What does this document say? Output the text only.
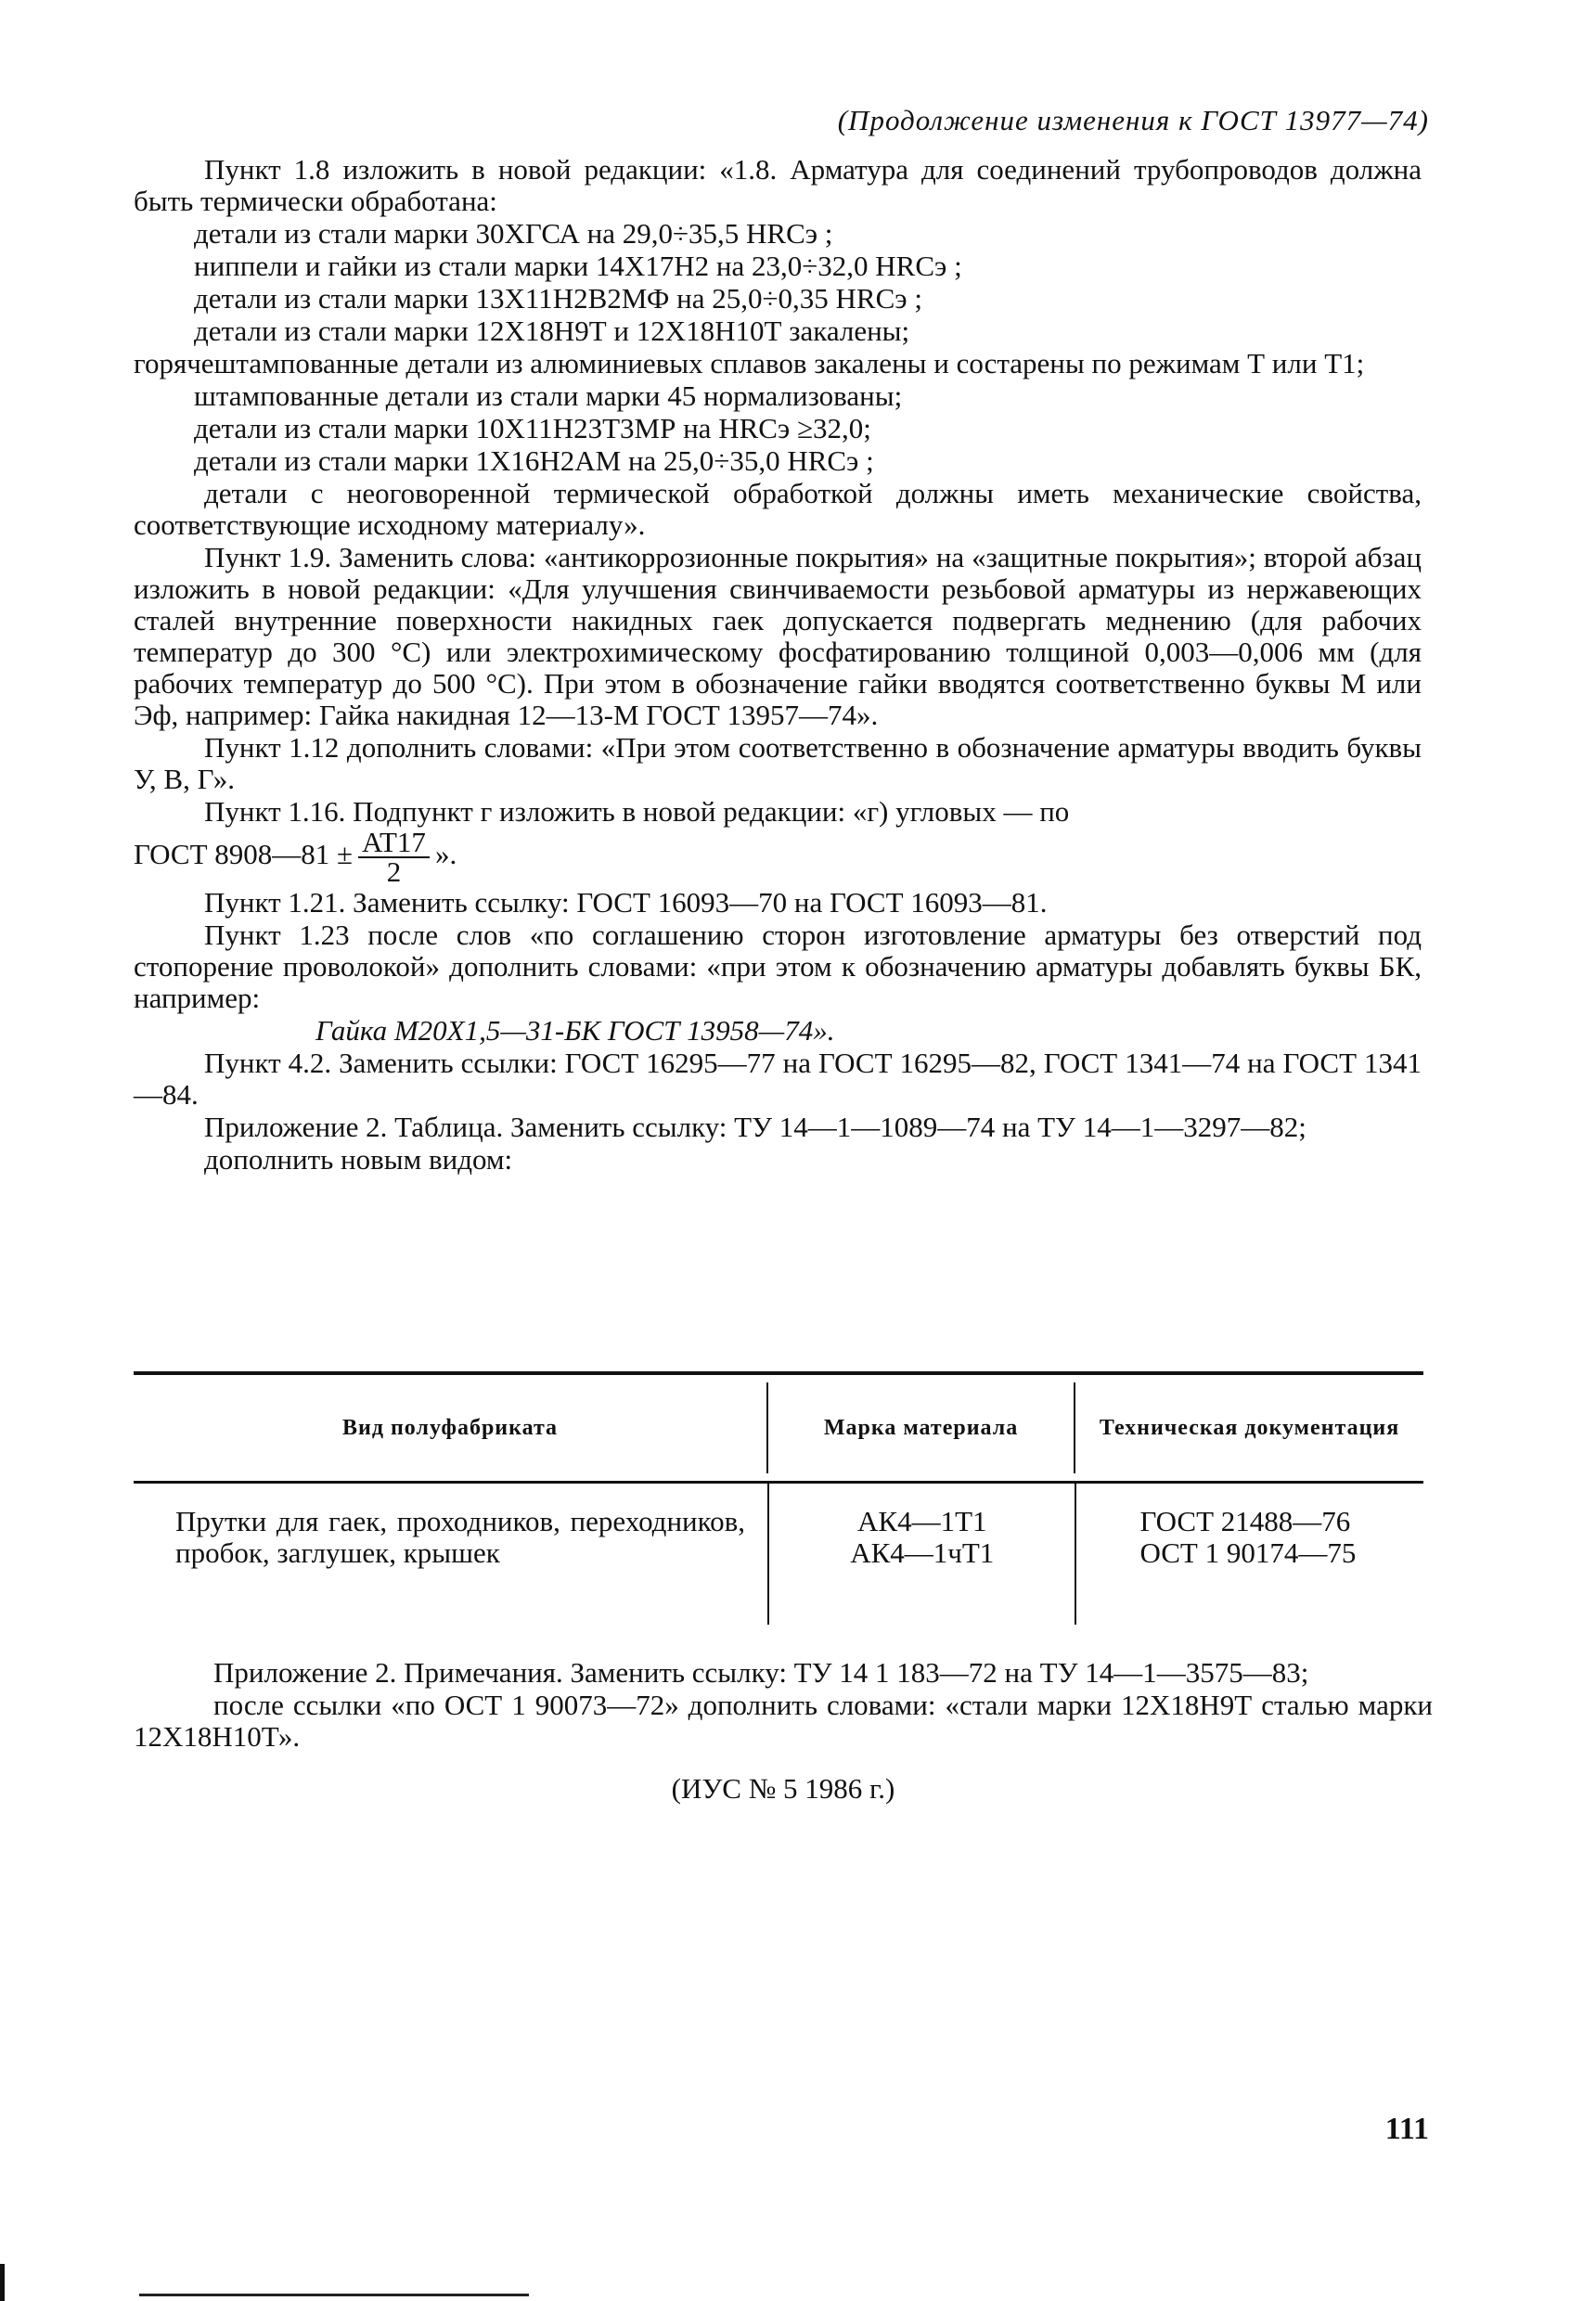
(Продолжение изменения к ГОСТ 13977—74)

Пункт 1.8 изложить в новой редакции: «1.8. Арматура для соединений трубопроводов должна быть термически обработана:

детали из стали марки 30ХГСА на 29,0÷35,5 HRCэ ;

ниппели и гайки из стали марки 14Х17Н2 на 23,0÷32,0 HRCэ ;

детали из стали марки 13Х11Н2В2МФ на 25,0÷0,35 HRCэ ;

детали из стали марки 12Х18Н9Т и 12Х18Н10Т закалены;

горячештампованные детали из алюминиевых сплавов закалены и состарены по режимам Т или Т1;

штампованные детали из стали марки 45 нормализованы;

детали из стали марки 10Х11Н23Т3МР на HRCэ ≥32,0;

детали из стали марки 1Х16Н2АМ на 25,0÷35,0 HRCэ ;

детали с неоговоренной термической обработкой должны иметь механические свойства, соответствующие исходному материалу».

Пункт 1.9. Заменить слова: «антикоррозионные покрытия» на «защитные покрытия»; второй абзац изложить в новой редакции: «Для улучшения свинчиваемости резьбовой арматуры из нержавеющих сталей внутренние поверхности накидных гаек допускается подвергать меднению (для рабочих температур до 300 °С) или электрохимическому фосфатированию толщиной 0,003—0,006 мм (для рабочих температур до 500 °С). При этом в обозначение гайки вводятся соответственно буквы М или Эф, например: Гайка накидная 12—13-М ГОСТ 13957—74».

Пункт 1.12 дополнить словами: «При этом соответственно в обозначение арматуры вводить буквы У, В, Г».

Пункт 1.16. Подпункт г изложить в новой редакции: «г) угловых — по

ГОСТ 8908—81 ± $\frac{AT17}{2}$ ».

Пункт 1.21. Заменить ссылку: ГОСТ 16093—70 на ГОСТ 16093—81.

Пункт 1.23 после слов «по соглашению сторон изготовление арматуры без отверстий под стопорение проволокой» дополнить словами: «при этом к обозначению арматуры добавлять буквы БК, например:

Гайка М20Х1,5—31-БК ГОСТ 13958—74».

Пункт 4.2. Заменить ссылки: ГОСТ 16295—77 на ГОСТ 16295—82, ГОСТ 1341—74 на ГОСТ 1341—84.

Приложение 2. Таблица. Заменить ссылку: ТУ 14—1—1089—74 на ТУ 14—1—3297—82;

дополнить новым видом:

Вид полуфабриката	Марка материала	Техническая документация
Прутки для гаек, проходников, переходников, пробок, заглушек, крышек
АК4—1Т1
АК4—1чТ1
ГОСТ 21488—76
ОСТ 1 90174—75

Приложение 2. Примечания. Заменить ссылку: ТУ 14 1 183—72 на ТУ 14—1—3575—83;

после ссылки «по ОСТ 1 90073—72» дополнить словами: «стали марки 12Х18Н9Т сталью марки 12Х18Н10Т».

(ИУС № 5 1986 г.)

111
